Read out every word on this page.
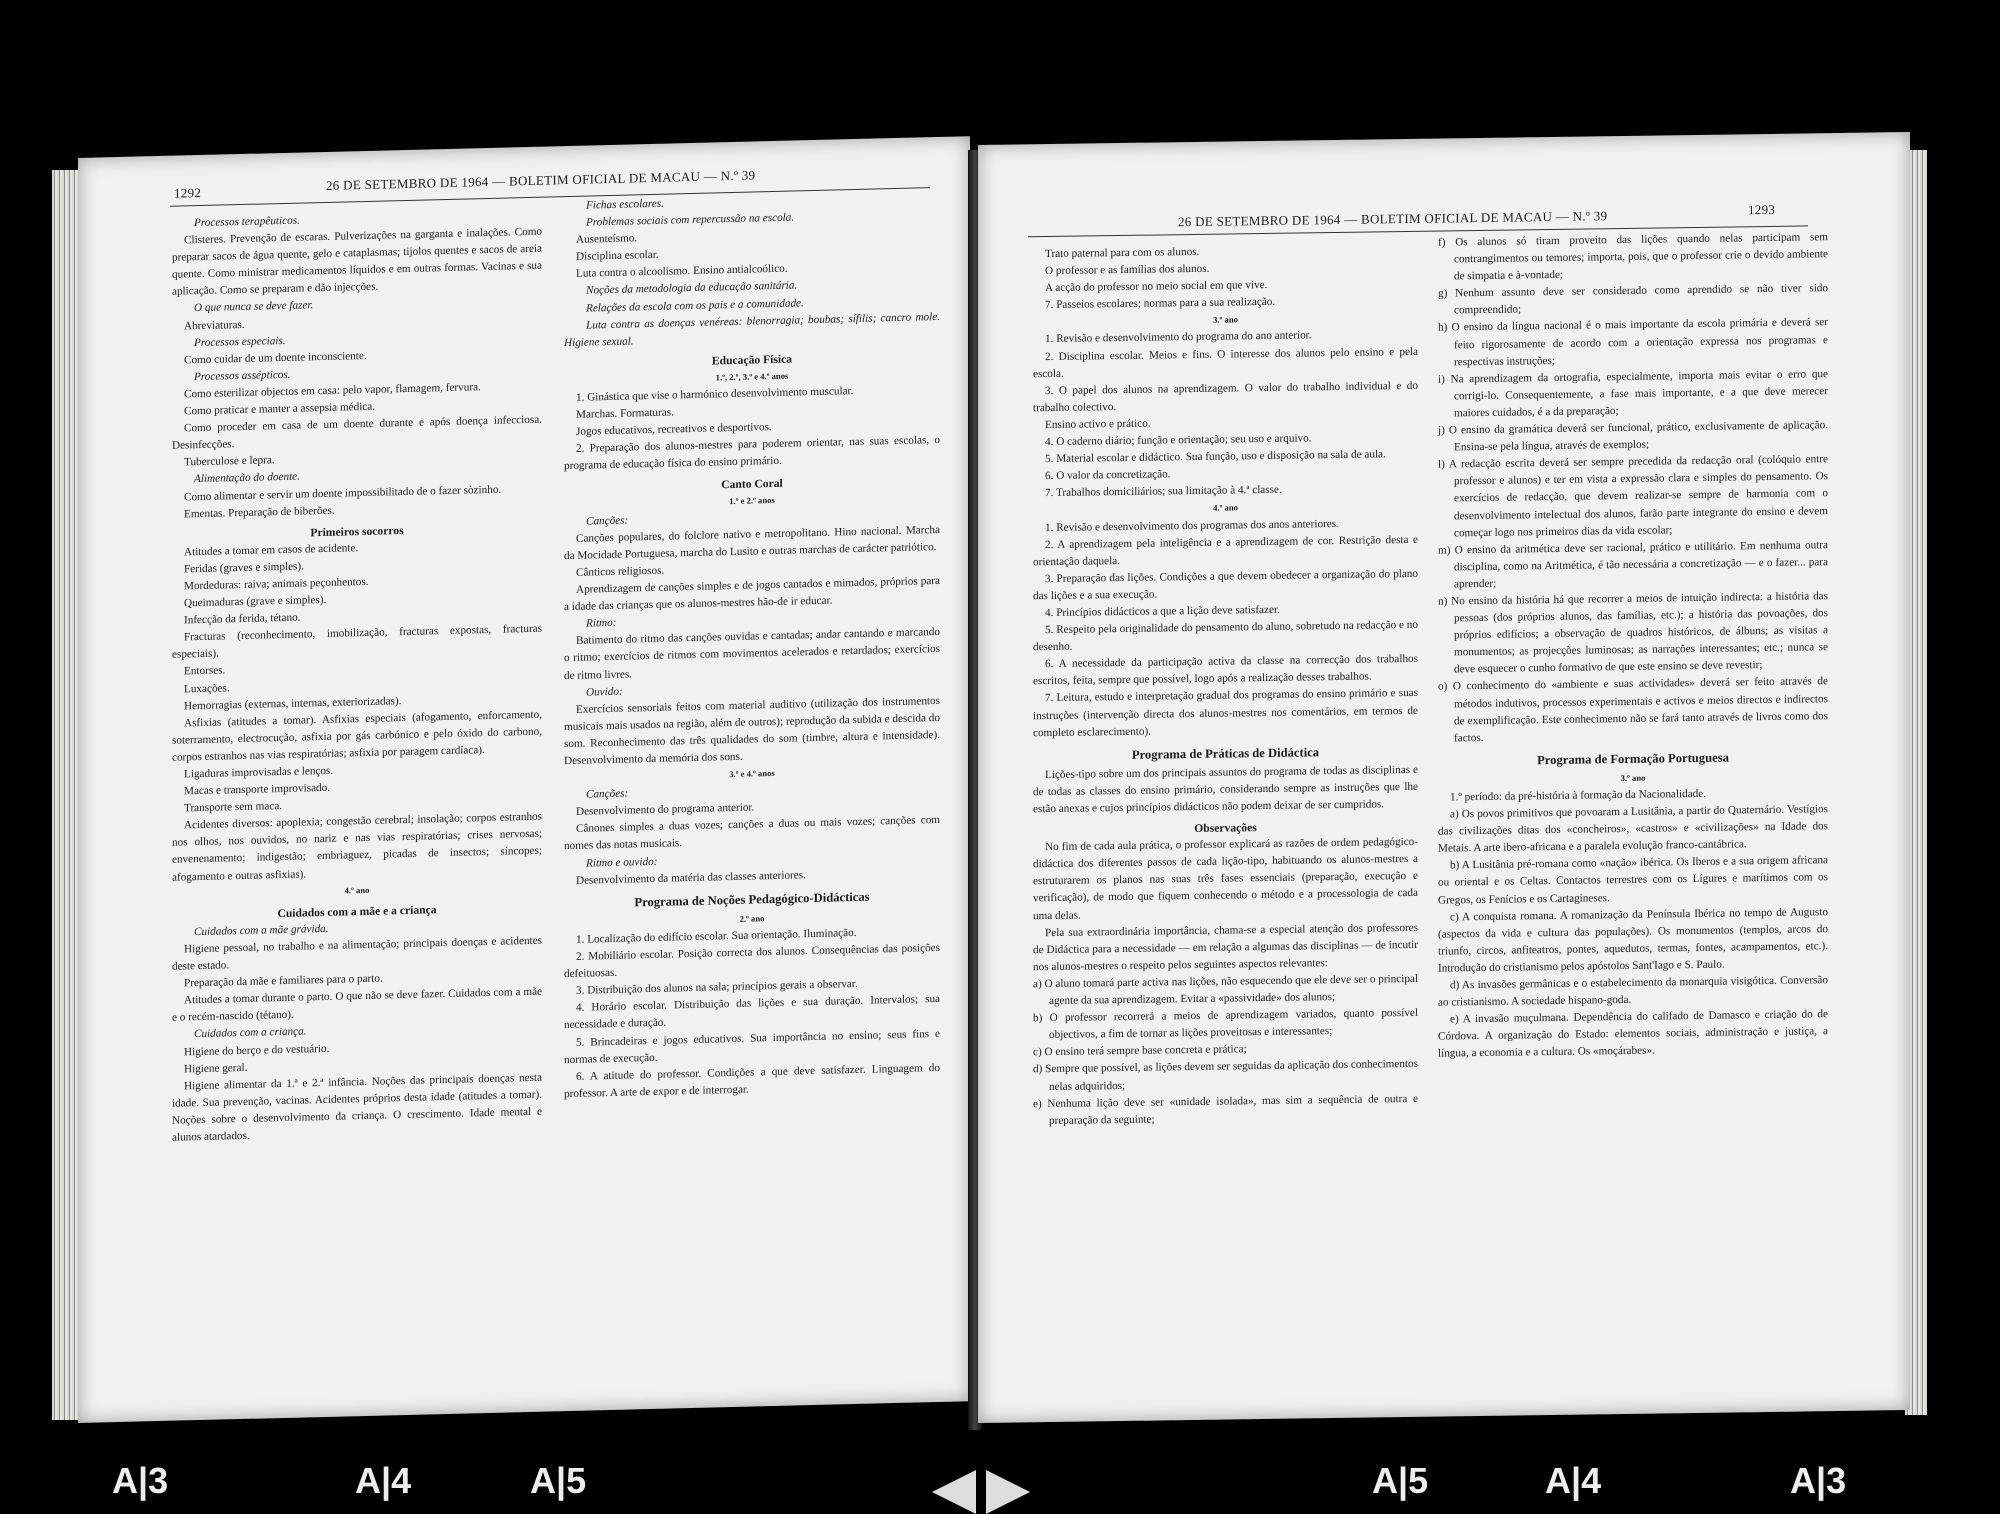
1292	26 DE SETEMBRO DE 1964 — BOLETIM OFICIAL DE MACAU — N.º 39

Processos terapêuticos.

Clisteres. Prevenção de escaras. Pulverizações na garganta e inalações. Como preparar sacos de água quente, gelo e cataplasmas; tijolos quentes e sacos de areia quente. Como ministrar medicamentos líquidos e em outras formas. Vacinas e sua aplicação. Como se preparam e dão injecções.

O que nunca se deve fazer.

Abreviaturas.

Processos especiais.

Como cuidar de um doente inconsciente.

Processos assépticos.

Como esterilizar objectos em casa: pelo vapor, flamagem, fervura.

Como praticar e manter a assepsia médica.

Como proceder em casa de um doente durante e após doença infecciosa. Desinfecções.

Tuberculose e lepra.

Alimentação do doente.

Como alimentar e servir um doente impossibilitado de o fazer sòzinho.

Ementas. Preparação de biberões.

Primeiros socorros

Atitudes a tomar em casos de acidente.

Feridas (graves e simples).

Mordeduras: raiva; animais peçonhentos.

Queimaduras (grave e simples).

Infecção da ferida, tétano.

Fracturas (reconhecimento, imobilização, fracturas expostas, fracturas especiais).

Entorses.

Luxações.

Hemorragias (externas, internas, exteriorizadas).

Asfixias (atitudes a tomar). Asfixias especiais (afogamento, enforcamento, soterramento, electrocução, asfixia por gás carbónico e pelo óxido do carbono, corpos estranhos nas vias respiratórias; asfixia por paragem cardíaca).

Ligaduras improvisadas e lenços.

Macas e transporte improvisado.

Transporte sem maca.

Acidentes diversos: apoplexia; congestão cerebral; insolação; corpos estranhos nos olhos, nos ouvidos, no nariz e nas vias respiratórias; crises nervosas; envenenamento; indigestão; embriaguez, picadas de insectos; síncopes; afogamento e outras asfixias).

4.º ano

Cuidados com a mãe e a criança

Cuidados com a mãe grávida.

Higiene pessoal, no trabalho e na alimentação; principais doenças e acidentes deste estado.

Preparação da mãe e familiares para o parto.

Atitudes a tomar durante o parto. O que não se deve fazer. Cuidados com a mãe e o recém-nascido (tétano).

Cuidados com a criança.

Higiene do berço e do vestuário.

Higiene geral.

Higiene alimentar da 1.ª e 2.ª infância. Noções das principais doenças nesta idade. Sua prevenção, vacinas. Acidentes próprios desta idade (atitudes a tomar). Noções sobre o desenvolvimento da criança. O crescimento. Idade mental e alunos atardados.

Fichas escolares.

Problemas sociais com repercussão na escola.

Ausenteísmo.

Disciplina escolar.

Luta contra o alcoolismo. Ensino antialcoólico.

Noções da metodologia da educação sanitária.

Relações da escola com os pais e a comunidade.

Luta contra as doenças venéreas: blenorragia; boubas; sífilis; cancro mole. Higiene sexual.

Educação Física

1.º, 2.º, 3.º e 4.º anos

1. Ginástica que vise o harmónico desenvolvimento muscular.

Marchas. Formaturas.

Jogos educativos, recreativos e desportivos.

2. Preparação dos alunos-mestres para poderem orientar, nas suas escolas, o programa de educação física do ensino primário.

Canto Coral

1.º e 2.º anos

Canções:

Canções populares, do folclore nativo e metropolitano. Hino nacional. Marcha da Mocidade Portuguesa, marcha do Lusito e outras marchas de carácter patriótico.

Cânticos religiosos.

Aprendizagem de canções simples e de jogos cantados e mimados, próprios para a idade das crianças que os alunos-mestres hão-de ir educar.

Ritmo:

Batimento do ritmo das canções ouvidas e cantadas; andar cantando e marcando o ritmo; exercícios de ritmos com movimentos acelerados e retardados; exercícios de ritmo livres.

Ouvido:

Exercícios sensoriais feitos com material auditivo (utilização dos instrumentos musicais mais usados na região, além de outros); reprodução da subida e descida do som. Reconhecimento das três qualidades do som (timbre, altura e intensidade). Desenvolvimento da memória dos sons.

3.º e 4.º anos

Canções:

Desenvolvimento do programa anterior.

Cânones simples a duas vozes; canções a duas ou mais vozes; canções com nomes das notas musicais.

Ritmo e ouvido:

Desenvolvimento da matéria das classes anteriores.

Programa de Noções Pedagógico-Didácticas

2.º ano

1. Localização do edifício escolar. Sua orientação. Iluminação.

2. Mobiliário escolar. Posição correcta dos alunos. Consequências das posições defeituosas.

3. Distribuição dos alunos na sala; princípios gerais a observar.

4. Horário escolar. Distribuição das lições e sua duração. Intervalos; sua necessidade e duração.

5. Brincadeiras e jogos educativos. Sua importância no ensino; seus fins e normas de execução.

6. A atitude do professor. Condições a que deve satisfazer. Linguagem do professor. A arte de expor e de interrogar.

26 DE SETEMBRO DE 1964 — BOLETIM OFICIAL DE MACAU — N.º 39	1293

Trato paternal para com os alunos.

O professor e as famílias dos alunos.

A acção do professor no meio social em que vive.

7. Passeios escolares; normas para a sua realização.

3.º ano

1. Revisão e desenvolvimento do programa do ano anterior.

2. Disciplina escolar. Meios e fins. O interesse dos alunos pelo ensino e pela escola.

3. O papel dos alunos na aprendizagem. O valor do trabalho individual e do trabalho colectivo.

Ensino activo e prático.

4. O caderno diário; função e orientação; seu uso e arquivo.

5. Material escolar e didáctico. Sua função, uso e disposição na sala de aula.

6. O valor da concretização.

7. Trabalhos domiciliários; sua limitação à 4.ª classe.

4.º ano

1. Revisão e desenvolvimento dos programas dos anos anteriores.

2. A aprendizagem pela inteligência e a aprendizagem de cor. Restrição desta e orientação daquela.

3. Preparação das lições. Condições a que devem obedecer a organização do plano das lições e a sua execução.

4. Princípios didácticos a que a lição deve satisfazer.

5. Respeito pela originalidade do pensamento do aluno, sobretudo na redacção e no desenho.

6. A necessidade da participação activa da classe na correcção dos trabalhos escritos, feita, sempre que possível, logo após a realização desses trabalhos.

7. Leitura, estudo e interpretação gradual dos programas do ensino primário e suas instruções (intervenção directa dos alunos-mestres nos comentários, em termos de completo esclarecimento).

Programa de Práticas de Didáctica

Lições-tipo sobre um dos principais assuntos do programa de todas as disciplinas e de todas as classes do ensino primário, considerando sempre as instruções que lhe estão anexas e cujos princípios didácticos não podem deixar de ser cumpridos.

Observações

No fim de cada aula prática, o professor explicará as razões de ordem pedagógico-didáctica dos diferentes passos de cada lição-tipo, habituando os alunos-mestres a estruturarem os planos nas suas três fases essenciais (preparação, execução e verificação), de modo que fiquem conhecendo o método e a processologia de cada uma delas.

Pela sua extraordinária importância, chama-se a especial atenção dos professores de Didáctica para a necessidade — em relação a algumas das disciplinas — de incutir nos alunos-mestres o respeito pelos seguintes aspectos relevantes:

a) O aluno tomará parte activa nas lições, não esquecendo que ele deve ser o principal agente da sua aprendizagem. Evitar a «passividade» dos alunos;

b) O professor recorrerá a meios de aprendizagem variados, quanto possível objectivos, a fim de tornar as lições proveitosas e interessantes;

c) O ensino terá sempre base concreta e prática;

d) Sempre que possível, as lições devem ser seguidas da aplicação dos conhecimentos nelas adquiridos;

e) Nenhuma lição deve ser «unidade isolada», mas sim a sequência de outra e preparação da seguinte;

f) Os alunos só tiram proveito das lições quando nelas participam sem contrangimentos ou temores; importa, pois, que o professor crie o devido ambiente de simpatia e à-vontade;

g) Nenhum assunto deve ser considerado como aprendido se não tiver sido compreendido;

h) O ensino da língua nacional é o mais importante da escola primária e deverá ser feito rigorosamente de acordo com a orientação expressa nos programas e respectivas instruções;

i) Na aprendizagem da ortografia, especialmente, importa mais evitar o erro que corrigi-lo. Consequentemente, a fase mais importante, e a que deve merecer maiores cuidados, é a da preparação;

j) O ensino da gramática deverá ser funcional, prático, exclusivamente de aplicação. Ensina-se pela língua, através de exemplos;

l) A redacção escrita deverá ser sempre precedida da redacção oral (colóquio entre professor e alunos) e ter em vista a expressão clara e simples do pensamento. Os exercícios de redacção, que devem realizar-se sempre de harmonia com o desenvolvimento intelectual dos alunos, farão parte integrante do ensino e devem começar logo nos primeiros dias da vida escolar;

m) O ensino da aritmética deve ser racional, prático e utilitário. Em nenhuma outra disciplina, como na Aritmética, é tão necessária a concretização — e o fazer... para aprender;

n) No ensino da história há que recorrer a meios de intuição indirecta: a história das pessoas (dos próprios alunos, das famílias, etc.); a história das povoações, dos próprios edifícios; a observação de quadros históricos, de álbuns; as visitas a monumentos; as projecções luminosas; as narrações interessantes; etc.; nunca se deve esquecer o cunho formativo de que este ensino se deve revestir;

o) O conhecimento do «ambiente e suas actividades» deverá ser feito através de métodos indutivos, processos experimentais e activos e meios directos e indirectos de exemplificação. Este conhecimento não se fará tanto através de livros como dos factos.

Programa de Formação Portuguesa

3.º ano

1.º período: da pré-história à formação da Nacionalidade.

a) Os povos primitivos que povoaram a Lusitânia, a partir do Quaternário. Vestígios das civilizações ditas dos «concheiros», «castros» e «civilizações» na Idade dos Metais. A arte ibero-africana e a paralela evolução franco-cantábrica.

b) A Lusitânia pré-romana como «nação» ibérica. Os Iberos e a sua origem africana ou oriental e os Celtas. Contactos terrestres com os Lígures e marítimos com os Gregos, os Fenícios e os Cartagineses.

c) A conquista romana. A romanização da Península Ibérica no tempo de Augusto (aspectos da vida e cultura das populações). Os monumentos (templos, arcos do triunfo, circos, anfiteatros, pontes, aquedutos, termas, fontes, acampamentos, etc.). Introdução do cristianismo pelos apóstolos Sant'Iago e S. Paulo.

d) As invasões germânicas e o estabelecimento da monarquia visigótica. Conversão ao cristianismo. A sociedade hispano-goda.

e) A invasão muçulmana. Dependência do califado de Damasco e criação do de Córdova. A organização do Estado: elementos sociais, administração e justiça, a língua, a economia e a cultura. Os «moçárabes».

A|3	A|4	A|5	A|5	A|4	A|3
